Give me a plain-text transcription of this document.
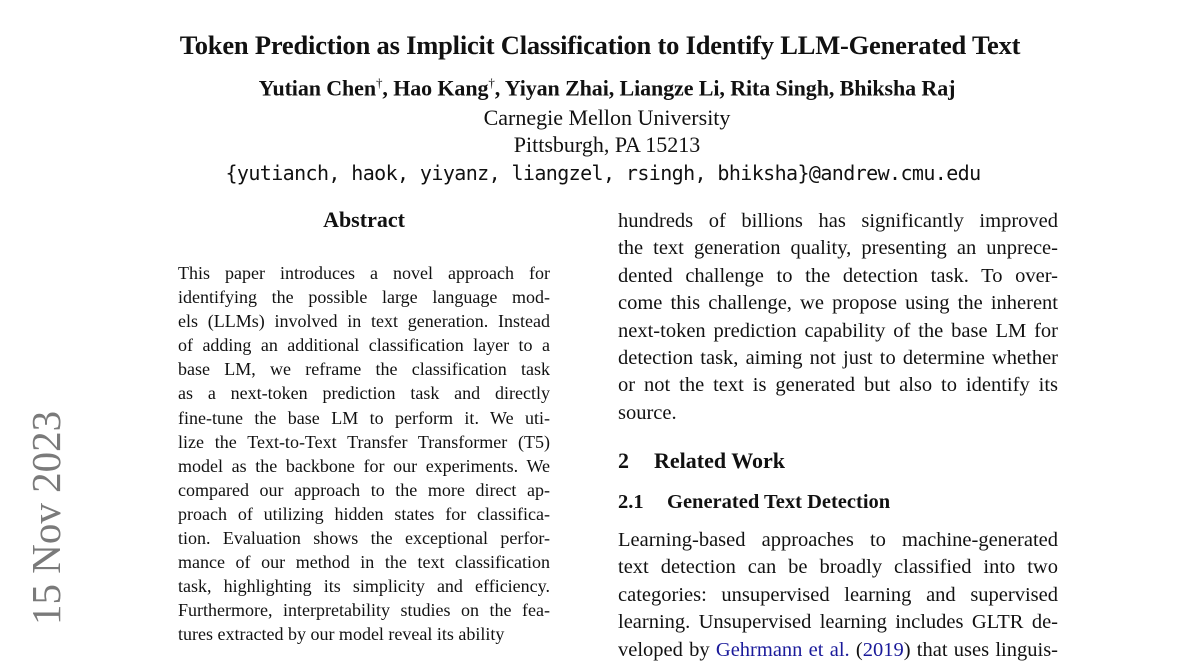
Token Prediction as Implicit Classification to Identify LLM-Generated Text
Yutian Chen†, Hao Kang†, Yiyan Zhai, Liangze Li, Rita Singh, Bhiksha Raj
Carnegie Mellon University
Pittsburgh, PA 15213
{yutianch, haok, yiyanz, liangzel, rsingh, bhiksha}@andrew.cmu.edu
15 Nov 2023
Abstract
This paper introduces a novel approach for
identifying the possible large language mod-
els (LLMs) involved in text generation. Instead
of adding an additional classification layer to a
base LM, we reframe the classification task
as a next-token prediction task and directly
fine-tune the base LM to perform it. We uti-
lize the Text-to-Text Transfer Transformer (T5)
model as the backbone for our experiments. We
compared our approach to the more direct ap-
proach of utilizing hidden states for classifica-
tion. Evaluation shows the exceptional perfor-
mance of our method in the text classification
task, highlighting its simplicity and efficiency.
Furthermore, interpretability studies on the fea-
tures extracted by our model reveal its ability
hundreds of billions has significantly improved
the text generation quality, presenting an unprece-
dented challenge to the detection task. To over-
come this challenge, we propose using the inherent
next-token prediction capability of the base LM for
detection task, aiming not just to determine whether
or not the text is generated but also to identify its
source.
2 Related Work
2.1 Generated Text Detection
Learning-based approaches to machine-generated
text detection can be broadly classified into two
categories: unsupervised learning and supervised
learning. Unsupervised learning includes GLTR de-
veloped by Gehrmann et al. (2019) that uses linguis-
